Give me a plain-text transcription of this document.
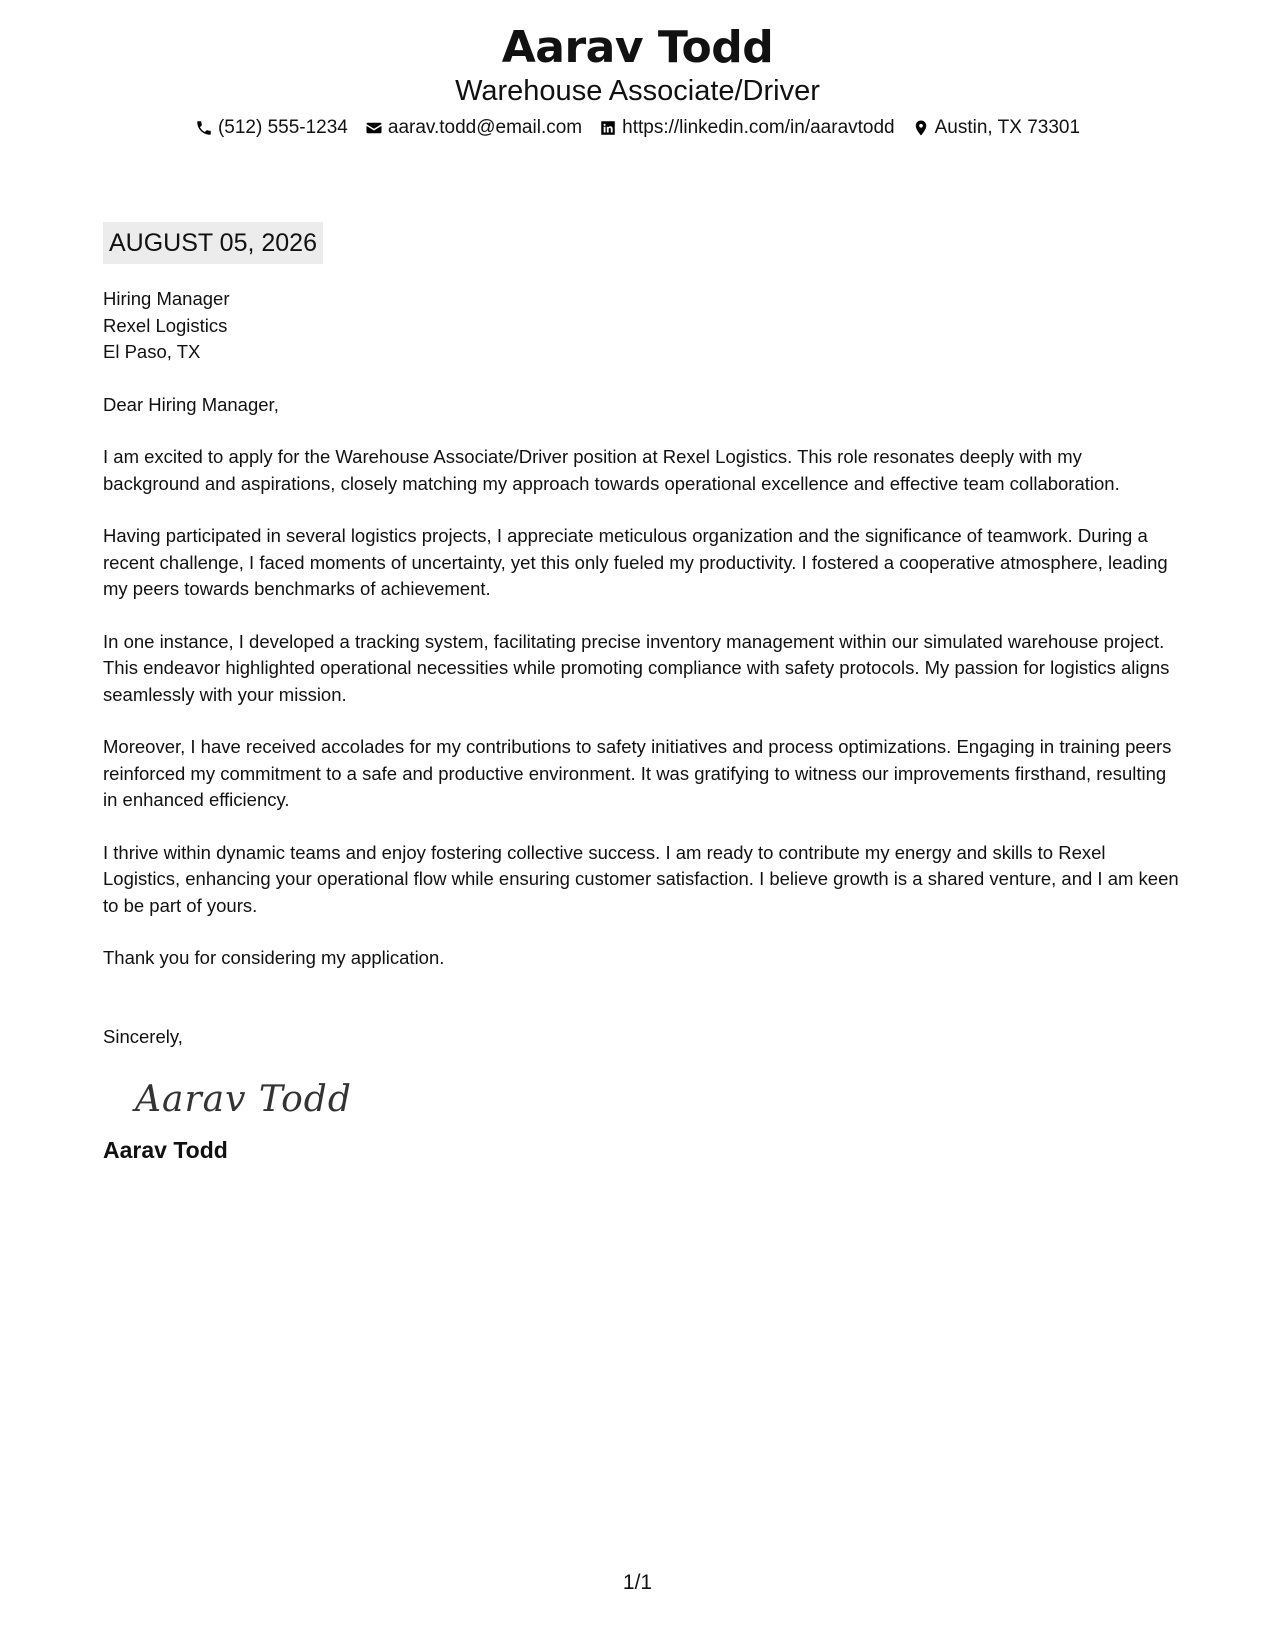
Aarav Todd
Warehouse Associate/Driver
(512) 555-1234 aarav.todd@email.com https://linkedin.com/in/aaravtodd Austin, TX 73301
AUGUST 05, 2026
Hiring Manager
Rexel Logistics
El Paso, TX

Dear Hiring Manager,

I am excited to apply for the Warehouse Associate/Driver position at Rexel Logistics. This role resonates deeply with my background and aspirations, closely matching my approach towards operational excellence and effective team collaboration.

Having participated in several logistics projects, I appreciate meticulous organization and the significance of teamwork. During a recent challenge, I faced moments of uncertainty, yet this only fueled my productivity. I fostered a cooperative atmosphere, leading my peers towards benchmarks of achievement.

In one instance, I developed a tracking system, facilitating precise inventory management within our simulated warehouse project. This endeavor highlighted operational necessities while promoting compliance with safety protocols. My passion for logistics aligns seamlessly with your mission.

Moreover, I have received accolades for my contributions to safety initiatives and process optimizations. Engaging in training peers reinforced my commitment to a safe and productive environment. It was gratifying to witness our improvements firsthand, resulting in enhanced efficiency.

I thrive within dynamic teams and enjoy fostering collective success. I am ready to contribute my energy and skills to Rexel Logistics, enhancing your operational flow while ensuring customer satisfaction. I believe growth is a shared venture, and I am keen to be part of yours.

Thank you for considering my application.

Sincerely,
Aarav Todd
Aarav Todd
1/1
